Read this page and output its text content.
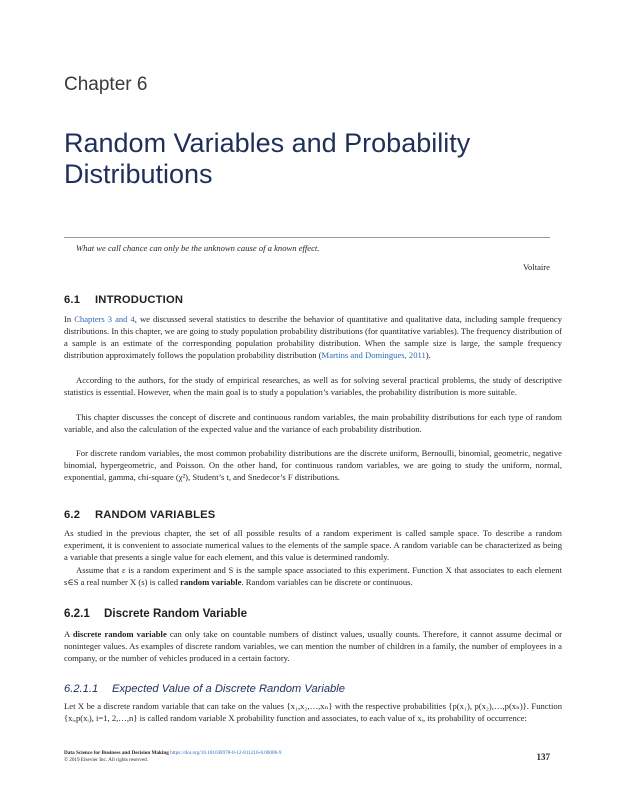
Chapter 6
Random Variables and Probability Distributions
What we call chance can only be the unknown cause of a known effect.
Voltaire
6.1 INTRODUCTION

In Chapters 3 and 4, we discussed several statistics to describe the behavior of quantitative and qualitative data, including sample frequency distributions. In this chapter, we are going to study population probability distributions (for quantitative variables). The frequency distribution of a sample is an estimate of the corresponding population probability distribution. When the sample size is large, the sample frequency distribution approximately follows the population probability distribution (Martins and Domingues, 2011).

According to the authors, for the study of empirical researches, as well as for solving several practical problems, the study of descriptive statistics is essential. However, when the main goal is to study a population’s variables, the probability distribution is more suitable.

This chapter discusses the concept of discrete and continuous random variables, the main probability distributions for each type of random variable, and also the calculation of the expected value and the variance of each probability distribution.

For discrete random variables, the most common probability distributions are the discrete uniform, Bernoulli, binomial, geometric, negative binomial, hypergeometric, and Poisson. On the other hand, for continuous random variables, we are going to study the uniform, normal, exponential, gamma, chi-square (χ²), Student’s t, and Snedecor’s F distributions.

6.2 RANDOM VARIABLES

As studied in the previous chapter, the set of all possible results of a random experiment is called sample space. To describe a random experiment, it is convenient to associate numerical values to the elements of the sample space. A random variable can be characterized as being a variable that presents a single value for each element, and this value is determined randomly.

Assume that ε is a random experiment and S is the sample space associated to this experiment. Function X that associates to each element s∈S a real number X (s) is called random variable. Random variables can be discrete or continuous.

6.2.1 Discrete Random Variable

A discrete random variable can only take on countable numbers of distinct values, usually counts. Therefore, it cannot assume decimal or noninteger values. As examples of discrete random variables, we can mention the number of children in a family, the number of employees in a company, or the number of vehicles produced in a certain factory.

6.2.1.1 Expected Value of a Discrete Random Variable

Let X be a discrete random variable that can take on the values {x₁,x₂,…,xₙ} with the respective probabilities {p(x₁), p(x₂),…,p(xₙ)}. Function {xᵢ,p(xᵢ), i=1, 2,…,n} is called random variable X probability function and associates, to each value of xᵢ, its probability of occurrence:

Data Science for Business and Decision Making https://doi.org/10.1016/B978-0-12-811216-8.00006-9
© 2019 Elsevier Inc. All rights reserved.	137
